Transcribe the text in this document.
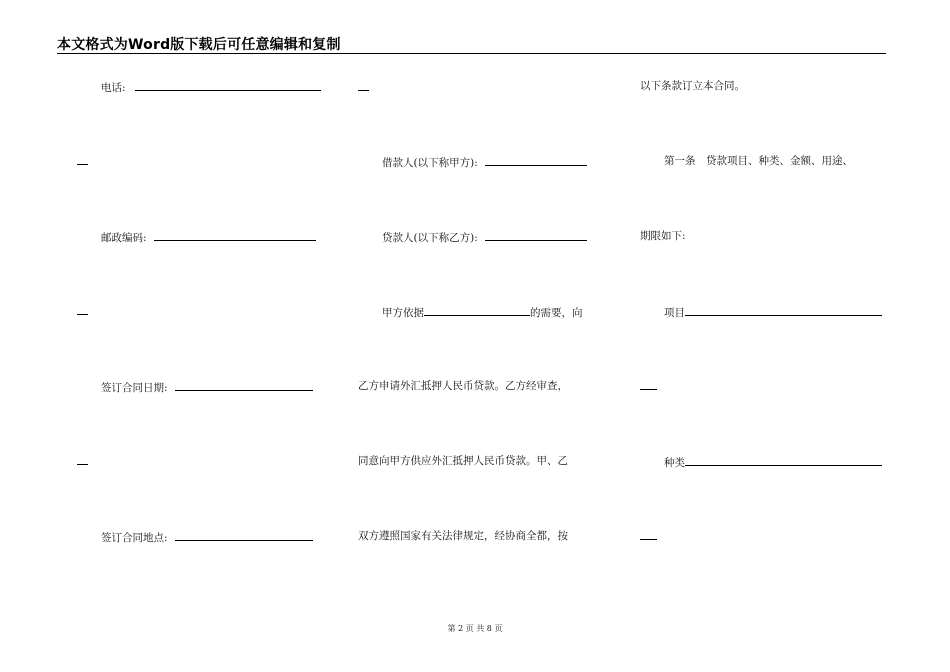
本文格式为Word版下载后可任意编辑和复制
电话:
邮政编码:
签订合同日期:
签订合同地点:
借款人(以下称甲方):
贷款人(以下称乙方):
甲方依据	的需要，向
乙方申请外汇抵押人民币贷款。乙方经审查，
同意向甲方供应外汇抵押人民币贷款。甲、乙
双方遵照国家有关法律规定，经协商全都，按
以下条款订立本合同。
第一条　贷款项目、种类、金额、用途、
期限如下:
项目
种类
第 2 页 共 8 页
